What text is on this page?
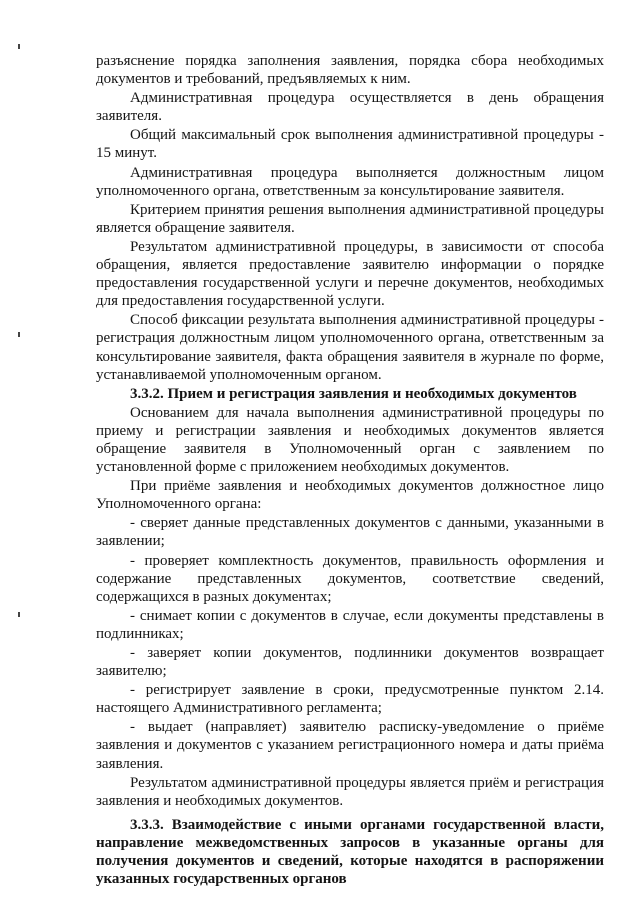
разъяснение порядка заполнения заявления, порядка сбора необходимых документов и требований, предъявляемых к ним.

Административная процедура осуществляется в день обращения заявителя.

Общий максимальный срок выполнения административной процедуры - 15 минут.

Административная процедура выполняется должностным лицом уполномоченного органа, ответственным за консультирование заявителя.

Критерием принятия решения выполнения административной процедуры является обращение заявителя.

Результатом административной процедуры, в зависимости от способа обращения, является предоставление заявителю информации о порядке предоставления государственной услуги и перечне документов, необходимых для предоставления государственной услуги.

Способ фиксации результата выполнения административной процедуры - регистрация должностным лицом уполномоченного органа, ответственным за консультирование заявителя, факта обращения заявителя в журнале по форме, устанавливаемой уполномоченным органом.

3.3.2. Прием и регистрация заявления и необходимых документов

Основанием для начала выполнения административной процедуры по приему и регистрации заявления и необходимых документов является обращение заявителя в Уполномоченный орган с заявлением по установленной форме с приложением необходимых документов.

При приёме заявления и необходимых документов должностное лицо Уполномоченного органа:

- сверяет данные представленных документов с данными, указанными в заявлении;

- проверяет комплектность документов, правильность оформления и содержание представленных документов, соответствие сведений, содержащихся в разных документах;

- снимает копии с документов в случае, если документы представлены в подлинниках;

- заверяет копии документов, подлинники документов возвращает заявителю;

- регистрирует заявление в сроки, предусмотренные пунктом 2.14. настоящего Административного регламента;

- выдает (направляет) заявителю расписку-уведомление о приёме заявления и документов с указанием регистрационного номера и даты приёма заявления.

Результатом административной процедуры является приём и регистрация заявления и необходимых документов.

3.3.3. Взаимодействие с иными органами государственной власти, направление межведомственных запросов в указанные органы для получения документов и сведений, которые находятся в распоряжении указанных государственных органов
